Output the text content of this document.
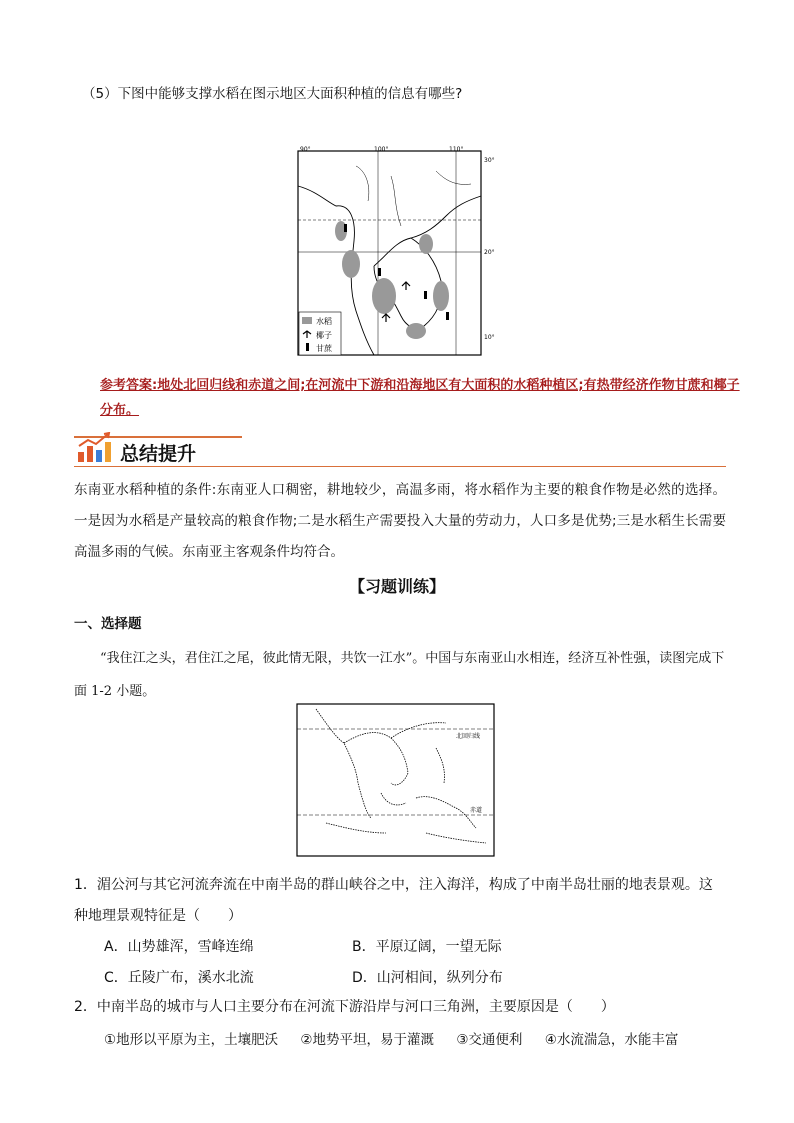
（5）下图中能够支撑水稻在图示地区大面积种植的信息有哪些?
90°	100°	110°
30°
20°
10°
水稻
椰子
甘蔗
参考答案:地处北回归线和赤道之间;在河流中下游和沿海地区有大面积的水稻种植区;有热带经济作物甘蔗和椰子分布。
总结提升
东南亚水稻种植的条件:东南亚人口稠密，耕地较少，高温多雨，将水稻作为主要的粮食作物是必然的选择。一是因为水稻是产量较高的粮食作物;二是水稻生产需要投入大量的劳动力，人口多是优势;三是水稻生长需要高温多雨的气候。东南亚主客观条件均符合。
【习题训练】
一、选择题
“我住江之头，君住江之尾，彼此情无限，共饮一江水”。中国与东南亚山水相连，经济互补性强，读图完成下面 1-2 小题。
北回归线
赤道
1．湄公河与其它河流奔流在中南半岛的群山峡谷之中，注入海洋，构成了中南半岛壮丽的地表景观。这种地理景观特征是（　　）
A．山势雄浑，雪峰连绵	B．平原辽阔，一望无际
C．丘陵广布，溪水北流	D．山河相间，纵列分布
2．中南半岛的城市与人口主要分布在河流下游沿岸与河口三角洲，主要原因是（　　）
①地形以平原为主，土壤肥沃 ②地势平坦，易于灌溉 ③交通便利 ④水流湍急，水能丰富
